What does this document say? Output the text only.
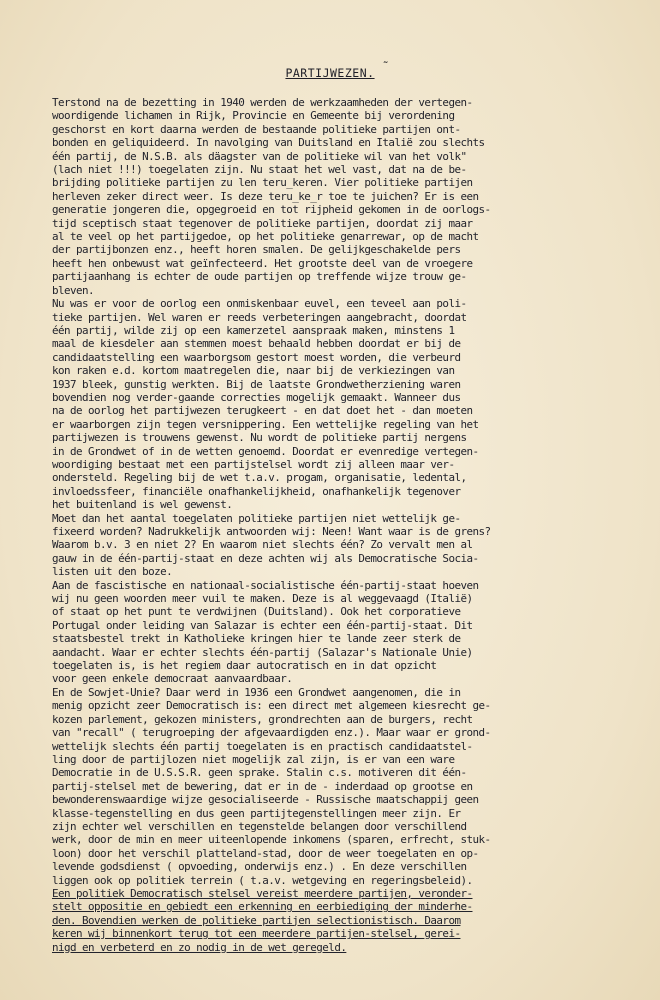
PARTIJWEZEN. ˜

Terstond na de bezetting in 1940 werden de werkzaamheden der vertegen-
woordigende lichamen in Rijk, Provincie en Gemeente bij verordening
geschorst en kort daarna werden de bestaande politieke partijen ont-
bonden en geliquideerd. In navolging van Duitsland en Italië zou slechts
één partij, de N.S.B. als däagster van de politieke wil van het volk"
(lach niet !!!) toegelaten zijn. Nu staat het wel vast, dat na de be-
brijding politieke partijen zu len teru_keren. Vier politieke partijen
herleven zeker direct weer. Is deze teru_ke_r toe te juichen? Er is een
generatie jongeren die, opgegroeid en tot rijpheid gekomen in de oorlogs-
tijd sceptisch staat tegenover de politieke partijen, doordat zij maar
al te veel op het partijgedoe, op het politieke genarrewar, op de macht
der partijbonzen enz., heeft horen smalen. De gelijkgeschakelde pers
heeft hen onbewust wat geïnfecteerd. Het grootste deel van de vroegere
partijaanhang is echter de oude partijen op treffende wijze trouw ge-
bleven.

Nu was er voor de oorlog een onmiskenbaar euvel, een teveel aan poli-
tieke partijen. Wel waren er reeds verbeteringen aangebracht, doordat
één partij, wilde zij op een kamerzetel aanspraak maken, minstens 1
maal de kiesdeler aan stemmen moest behaald hebben doordat er bij de
candidaatstelling een waarborgsom gestort moest worden, die verbeurd
kon raken e.d. kortom maatregelen die, naar bij de verkiezingen van
1937 bleek, gunstig werkten. Bij de laatste Grondwetherziening waren
bovendien nog verder-gaande correcties mogelijk gemaakt. Wanneer dus
na de oorlog het partijwezen terugkeert - en dat doet het - dan moeten
er waarborgen zijn tegen versnippering. Een wettelijke regeling van het
partijwezen is trouwens gewenst. Nu wordt de politieke partij nergens
in de Grondwet of in de wetten genoemd. Doordat er evenredige vertegen-
woordiging bestaat met een partijstelsel wordt zij alleen maar ver-
ondersteld. Regeling bij de wet t.a.v. progam, organisatie, ledental,
invloedssfeer, financiële onafhankelijkheid, onafhankelijk tegenover
het buitenland is wel gewenst.

Moet dan het aantal toegelaten politieke partijen niet wettelijk ge-
fixeerd worden? Nadrukkelijk antwoorden wij: Neen! Want waar is de grens?
Waarom b.v. 3 en niet 2? En waarom niet slechts één? Zo vervalt men al
gauw in de één-partij-staat en deze achten wij als Democratische Socia-
listen uit den boze.

Aan de fascistische en nationaal-socialistische één-partij-staat hoeven
wij nu geen woorden meer vuil te maken. Deze is al weggevaagd (Italië)
of staat op het punt te verdwijnen (Duitsland). Ook het corporatieve
Portugal onder leiding van Salazar is echter een één-partij-staat. Dit
staatsbestel trekt in Katholieke kringen hier te lande zeer sterk de
aandacht. Waar er echter slechts één-partij (Salazar's Nationale Unie)
toegelaten is, is het regiem daar autocratisch en in dat opzicht
voor geen enkele democraat aanvaardbaar.

En de Sowjet-Unie? Daar werd in 1936 een Grondwet aangenomen, die in
menig opzicht zeer Democratisch is: een direct met algemeen kiesrecht ge-
kozen parlement, gekozen ministers, grondrechten aan de burgers, recht
van "recall" ( terugroeping der afgevaardigden enz.). Maar waar er grond-
wettelijk slechts één partij toegelaten is en practisch candidaatstel-
ling door de partijlozen niet mogelijk zal zijn, is er van een ware
Democratie in de U.S.S.R. geen sprake. Stalin c.s. motiveren dit één-
partij-stelsel met de bewering, dat er in de - inderdaad op grootse en
bewonderenswaardige wijze gesocialiseerde - Russische maatschappij geen
klasse-tegenstelling en dus geen partijtegenstellingen meer zijn. Er
zijn echter wel verschillen en tegenstelde belangen door verschillend
werk, door de min en meer uiteenlopende inkomens (sparen, erfrecht, stuk-
loon) door het verschil platteland-stad, door de weer toegelaten en op-
levende godsdienst ( opvoeding, onderwijs enz.) . En deze verschillen
liggen ook op politiek terrein ( t.a.v. wetgeving en regeringsbeleid).

Een politiek Democratisch stelsel vereist meerdere partijen, veronder-
stelt oppositie en gebiedt een erkenning en eerbiediging der minderhe-
den. Bovendien werken de politieke partijen selectionistisch. Daarom
keren wij binnenkort terug tot een meerdere partijen-stelsel, gerei-
nigd en verbeterd en zo nodig in de wet geregeld.
